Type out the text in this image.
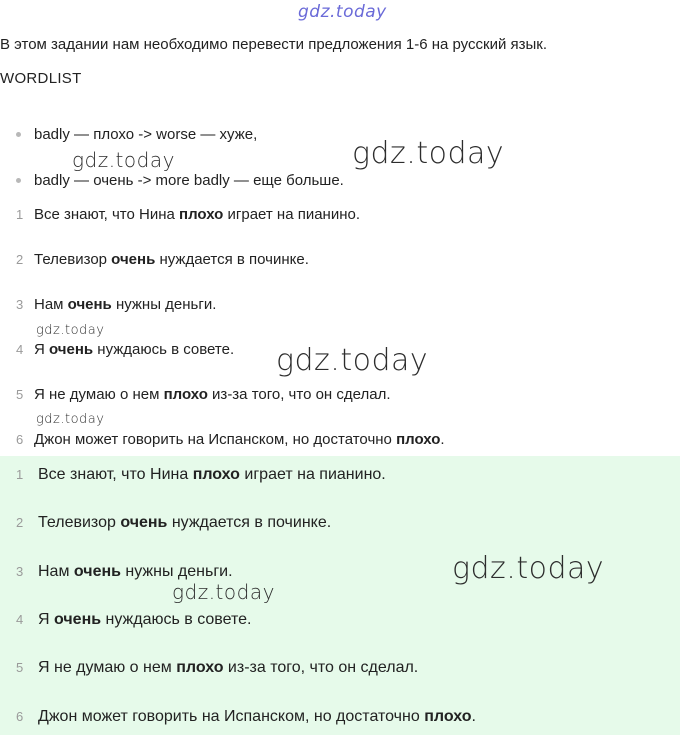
gdz.today
gdz.today	gdz.today
gdz.today
gdz.today
gdz.today
В этом задании нам необходимо перевести предложения 1-6 на русский язык.
WORDLIST
badly — плохо -> worse — хуже,
badly — очень -> more badly — еще больше.
1 Все знают, что Нина плохо играет на пианино.
2 Телевизор очень нуждается в починке.
3 Нам очень нужны деньги.
4 Я очень нуждаюсь в совете.
5 Я не думаю о нем плохо из-за того, что он сделал.
6 Джон может говорить на Испанском, но достаточно плохо.
1 Все знают, что Нина плохо играет на пианино.
2 Телевизор очень нуждается в починке.
3 Нам очень нужны деньги.
4 Я очень нуждаюсь в совете.
5 Я не думаю о нем плохо из-за того, что он сделал.
6 Джон может говорить на Испанском, но достаточно плохо.
gdz.today
gdz.today
